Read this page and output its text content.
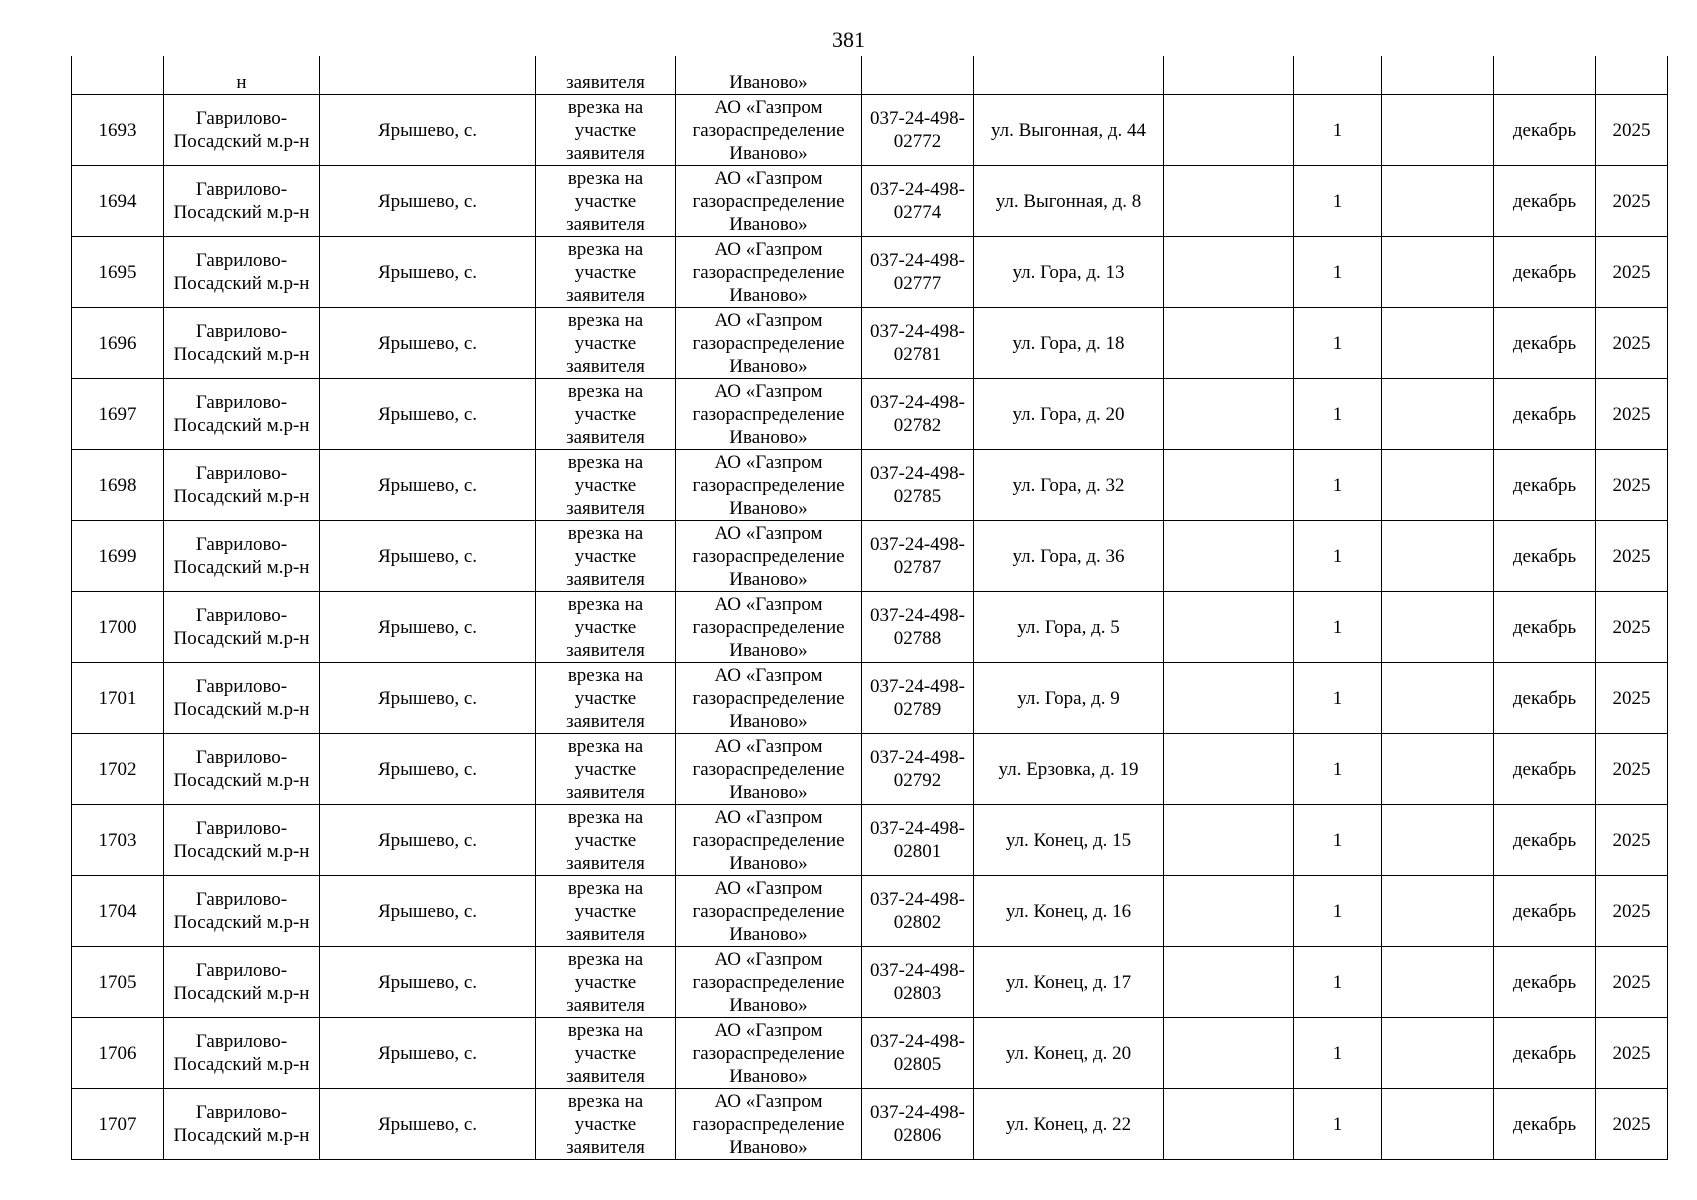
381
	н		заявителя	Иваново»							
1693	Гаврилово-Посадский м.р-н	Ярышево, с.	врезка на участке заявителя	АО «Газпром газораспределение Иваново»	037-24-498-02772	ул. Выгонная, д. 44		1		декабрь	2025
1694	Гаврилово-Посадский м.р-н	Ярышево, с.	врезка на участке заявителя	АО «Газпром газораспределение Иваново»	037-24-498-02774	ул. Выгонная, д. 8		1		декабрь	2025
1695	Гаврилово-Посадский м.р-н	Ярышево, с.	врезка на участке заявителя	АО «Газпром газораспределение Иваново»	037-24-498-02777	ул. Гора, д. 13		1		декабрь	2025
1696	Гаврилово-Посадский м.р-н	Ярышево, с.	врезка на участке заявителя	АО «Газпром газораспределение Иваново»	037-24-498-02781	ул. Гора, д. 18		1		декабрь	2025
1697	Гаврилово-Посадский м.р-н	Ярышево, с.	врезка на участке заявителя	АО «Газпром газораспределение Иваново»	037-24-498-02782	ул. Гора, д. 20		1		декабрь	2025
1698	Гаврилово-Посадский м.р-н	Ярышево, с.	врезка на участке заявителя	АО «Газпром газораспределение Иваново»	037-24-498-02785	ул. Гора, д. 32		1		декабрь	2025
1699	Гаврилово-Посадский м.р-н	Ярышево, с.	врезка на участке заявителя	АО «Газпром газораспределение Иваново»	037-24-498-02787	ул. Гора, д. 36		1		декабрь	2025
1700	Гаврилово-Посадский м.р-н	Ярышево, с.	врезка на участке заявителя	АО «Газпром газораспределение Иваново»	037-24-498-02788	ул. Гора, д. 5		1		декабрь	2025
1701	Гаврилово-Посадский м.р-н	Ярышево, с.	врезка на участке заявителя	АО «Газпром газораспределение Иваново»	037-24-498-02789	ул. Гора, д. 9		1		декабрь	2025
1702	Гаврилово-Посадский м.р-н	Ярышево, с.	врезка на участке заявителя	АО «Газпром газораспределение Иваново»	037-24-498-02792	ул. Ерзовка, д. 19		1		декабрь	2025
1703	Гаврилово-Посадский м.р-н	Ярышево, с.	врезка на участке заявителя	АО «Газпром газораспределение Иваново»	037-24-498-02801	ул. Конец, д. 15		1		декабрь	2025
1704	Гаврилово-Посадский м.р-н	Ярышево, с.	врезка на участке заявителя	АО «Газпром газораспределение Иваново»	037-24-498-02802	ул. Конец, д. 16		1		декабрь	2025
1705	Гаврилово-Посадский м.р-н	Ярышево, с.	врезка на участке заявителя	АО «Газпром газораспределение Иваново»	037-24-498-02803	ул. Конец, д. 17		1		декабрь	2025
1706	Гаврилово-Посадский м.р-н	Ярышево, с.	врезка на участке заявителя	АО «Газпром газораспределение Иваново»	037-24-498-02805	ул. Конец, д. 20		1		декабрь	2025
1707	Гаврилово-Посадский м.р-н	Ярышево, с.	врезка на участке заявителя	АО «Газпром газораспределение Иваново»	037-24-498-02806	ул. Конец, д. 22		1		декабрь	2025
